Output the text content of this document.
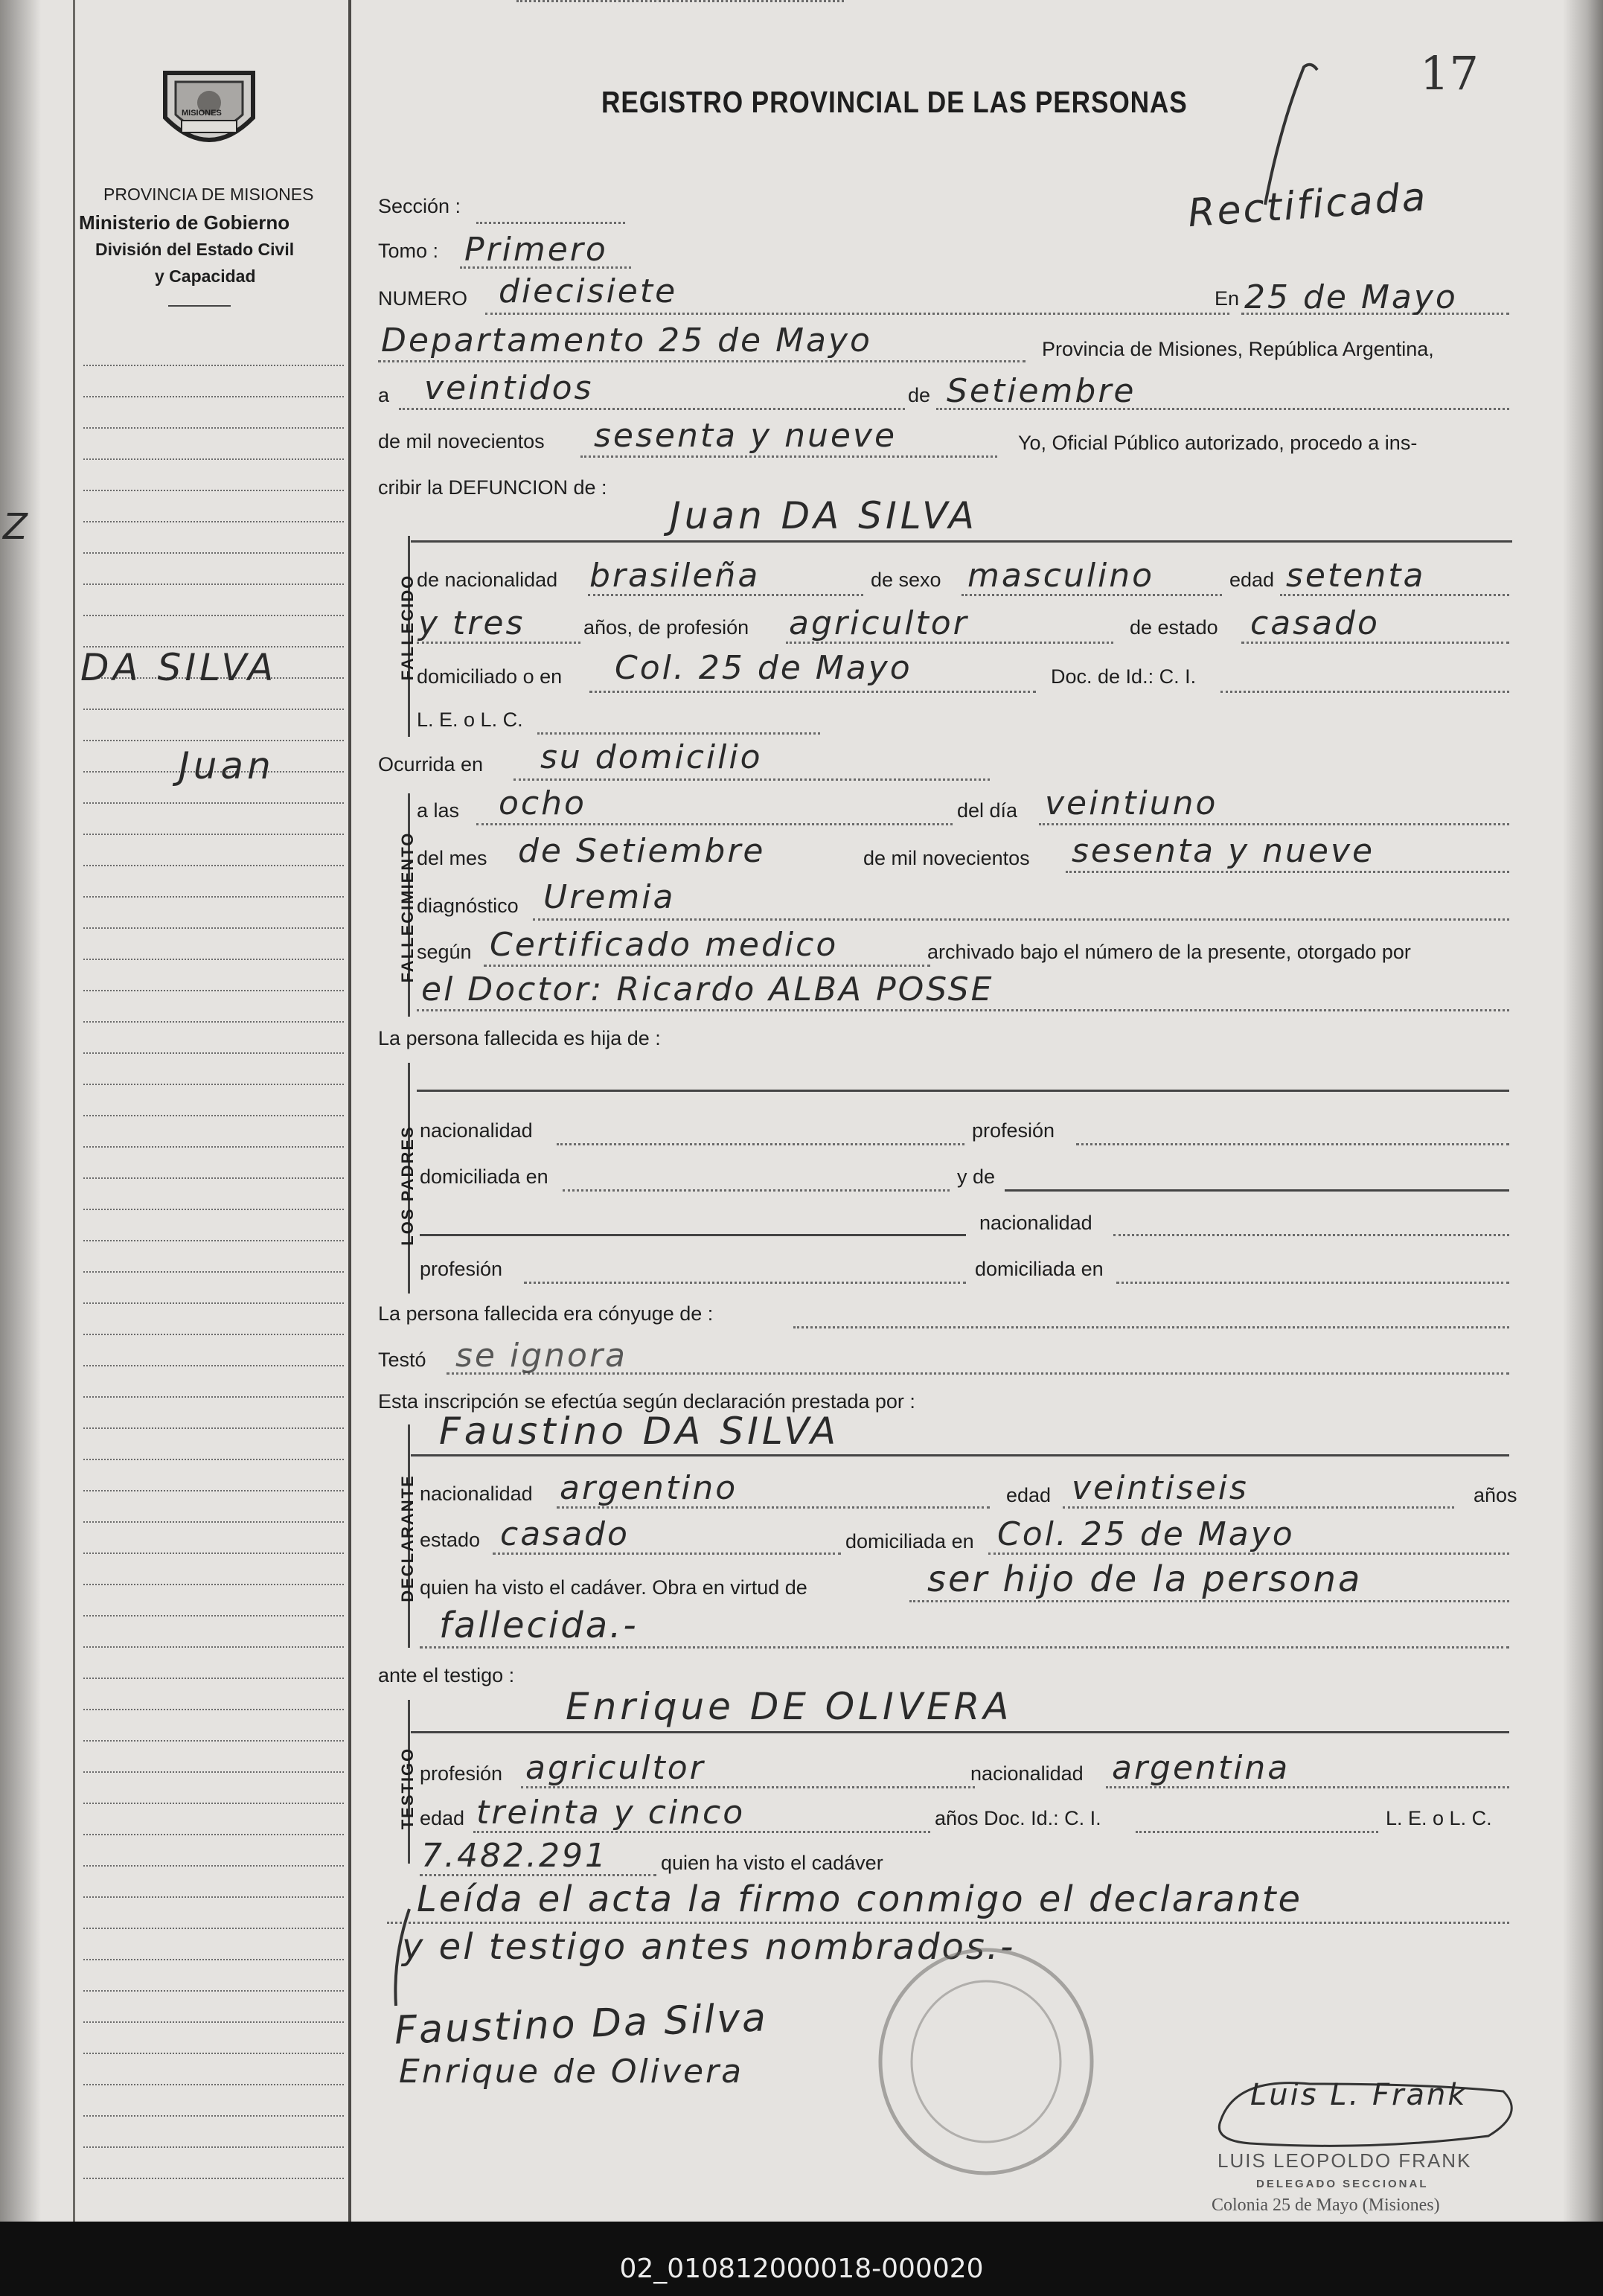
Z
MISIONES
PROVINCIA DE MISIONES
Ministerio de Gobierno
División del Estado Civil
y Capacidad
DA SILVA
Juan
REGISTRO PROVINCIAL DE LAS PERSONAS
17
Rectificada
Sección :
Tomo : Primero
NUMERO diecisiete	En 25 de Mayo
Departamento 25 de Mayo	Provincia de Misiones, República Argentina,
a veintidos	de Setiembre
de mil novecientos sesenta y nueve	Yo, Oficial Público autorizado, procedo a ins-
cribir la DEFUNCION de :
FALLECIDO
Juan DA SILVA
de nacionalidad brasileña	de sexo masculino	edad setenta
y tres	años, de profesión agricultor	de estado casado
domiciliado o en Col. 25 de Mayo	Doc. de Id.: C. I.
L. E. o L. C.
Ocurrida en su domicilio
FALLECIMIENTO
a las ocho	del día veintiuno
del mes de Setiembre	de mil novecientos sesenta y nueve
diagnóstico Uremia
según Certificado medico	archivado bajo el número de la presente, otorgado por
el Doctor: Ricardo ALBA POSSE
La persona fallecida es hija de :
LOS PADRES nacionalidad	profesión
domiciliada en	y de
nacionalidad
profesión	domiciliada en
La persona fallecida era cónyuge de :
Testó se ignora
Esta inscripción se efectúa según declaración prestada por :
DECLARANTE
Faustino DA SILVA
nacionalidad argentino	edad veintiseis	años
estado casado	domiciliada en Col. 25 de Mayo
quien ha visto el cadáver. Obra en virtud de	ser hijo de la persona
fallecida.-
ante el testigo :
TESTIGO
Enrique DE OLIVERA
profesión agricultor	nacionalidad argentina
edad treinta y cinco	años Doc. Id.: C. I.	L. E. o L. C.
7.482.291	quien ha visto el cadáver
Leída el acta la firmo conmigo el declarante
y el testigo antes nombrados.-
Faustino Da Silva
Enrique de Olivera
Luis L. Frank
LUIS LEOPOLDO FRANK
DELEGADO SECCIONAL
Colonia 25 de Mayo (Misiones)
02_010812000018-000020
